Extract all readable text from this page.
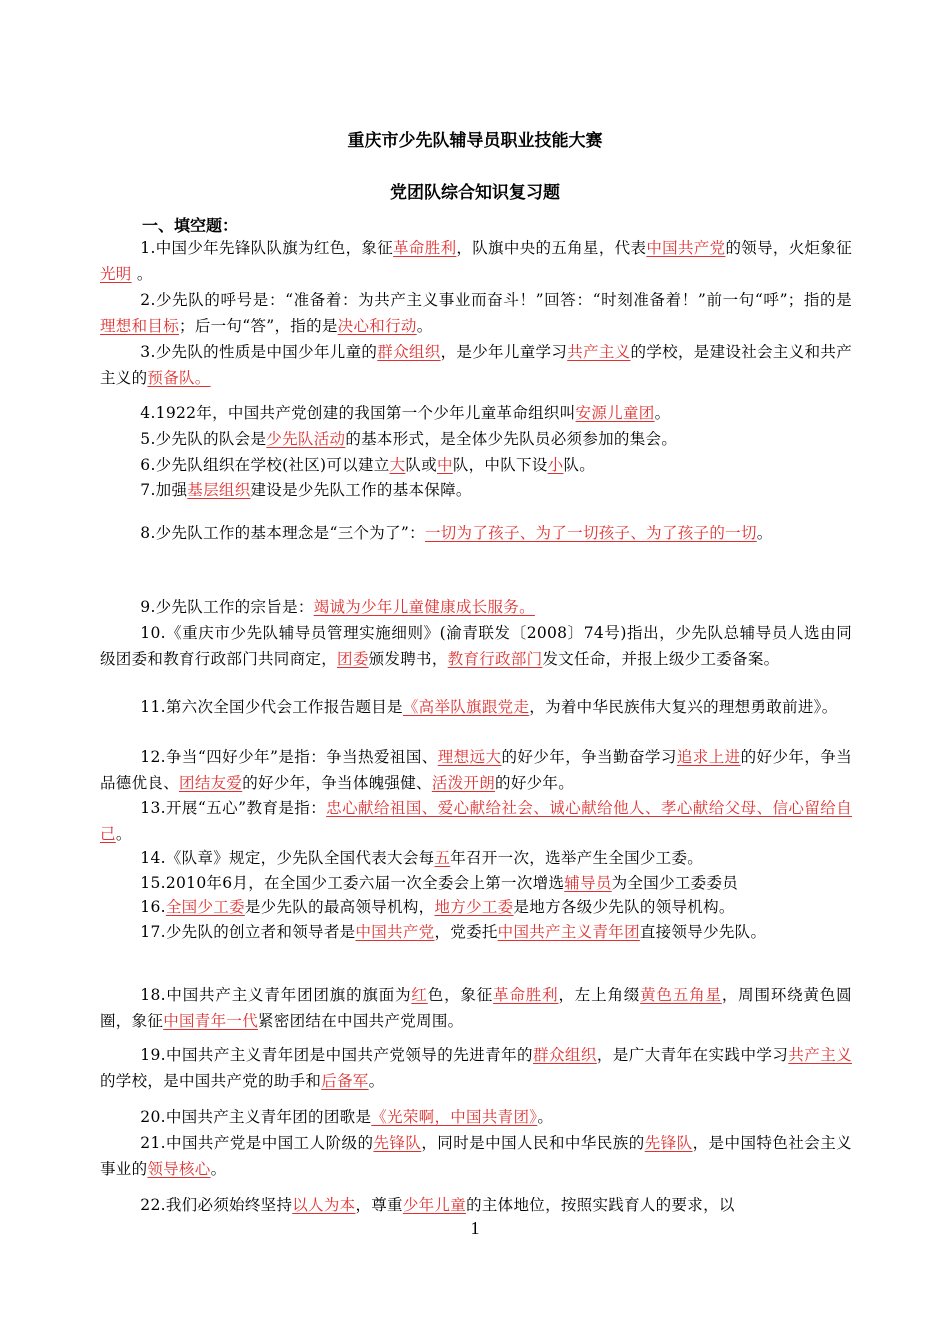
重庆市少先队辅导员职业技能大赛
党团队综合知识复习题
一、填空题：
1.中国少年先锋队队旗为红色，象征革命胜利，队旗中央的五角星，代表中国共产党的领导，火炬象征光明 。
2.少先队的呼号是：“准备着：为共产主义事业而奋斗！”回答：“时刻准备着！”前一句“呼”；指的是理想和目标；后一句“答”，指的是决心和行动。
3.少先队的性质是中国少年儿童的群众组织，是少年儿童学习共产主义的学校，是建设社会主义和共产主义的预备队。
4.1922年，中国共产党创建的我国第一个少年儿童革命组织叫安源儿童团。
5.少先队的队会是少先队活动的基本形式，是全体少先队员必须参加的集会。
6.少先队组织在学校(社区)可以建立大队或中队，中队下设小队。
7.加强基层组织建设是少先队工作的基本保障。
8.少先队工作的基本理念是“三个为了”：一切为了孩子、为了一切孩子、为了孩子的一切。
9.少先队工作的宗旨是：竭诚为少年儿童健康成长服务。
10.《重庆市少先队辅导员管理实施细则》(渝青联发〔2008〕74号)指出，少先队总辅导员人选由同级团委和教育行政部门共同商定，团委颁发聘书，教育行政部门发文任命，并报上级少工委备案。
11.第六次全国少代会工作报告题目是《高举队旗跟党走，为着中华民族伟大复兴的理想勇敢前进》。
12.争当“四好少年”是指：争当热爱祖国、理想远大的好少年，争当勤奋学习追求上进的好少年，争当品德优良、团结友爱的好少年，争当体魄强健、活泼开朗的好少年。
13.开展“五心”教育是指：忠心献给祖国、爱心献给社会、诚心献给他人、孝心献给父母、信心留给自己。
14.《队章》规定，少先队全国代表大会每五年召开一次，选举产生全国少工委。
15.2010年6月，在全国少工委六届一次全委会上第一次增选辅导员为全国少工委委员
16.全国少工委是少先队的最高领导机构，地方少工委是地方各级少先队的领导机构。
17.少先队的创立者和领导者是中国共产党，党委托中国共产主义青年团直接领导少先队。
18.中国共产主义青年团团旗的旗面为红色，象征革命胜利，左上角缀黄色五角星，周围环绕黄色圆圈，象征中国青年一代紧密团结在中国共产党周围。
19.中国共产主义青年团是中国共产党领导的先进青年的群众组织，是广大青年在实践中学习共产主义的学校，是中国共产党的助手和后备军。
20.中国共产主义青年团的团歌是《光荣啊，中国共青团》。
21.中国共产党是中国工人阶级的先锋队，同时是中国人民和中华民族的先锋队，是中国特色社会主义事业的领导核心。
22.我们必须始终坚持以人为本，尊重少年儿童的主体地位，按照实践育人的要求，以
1
